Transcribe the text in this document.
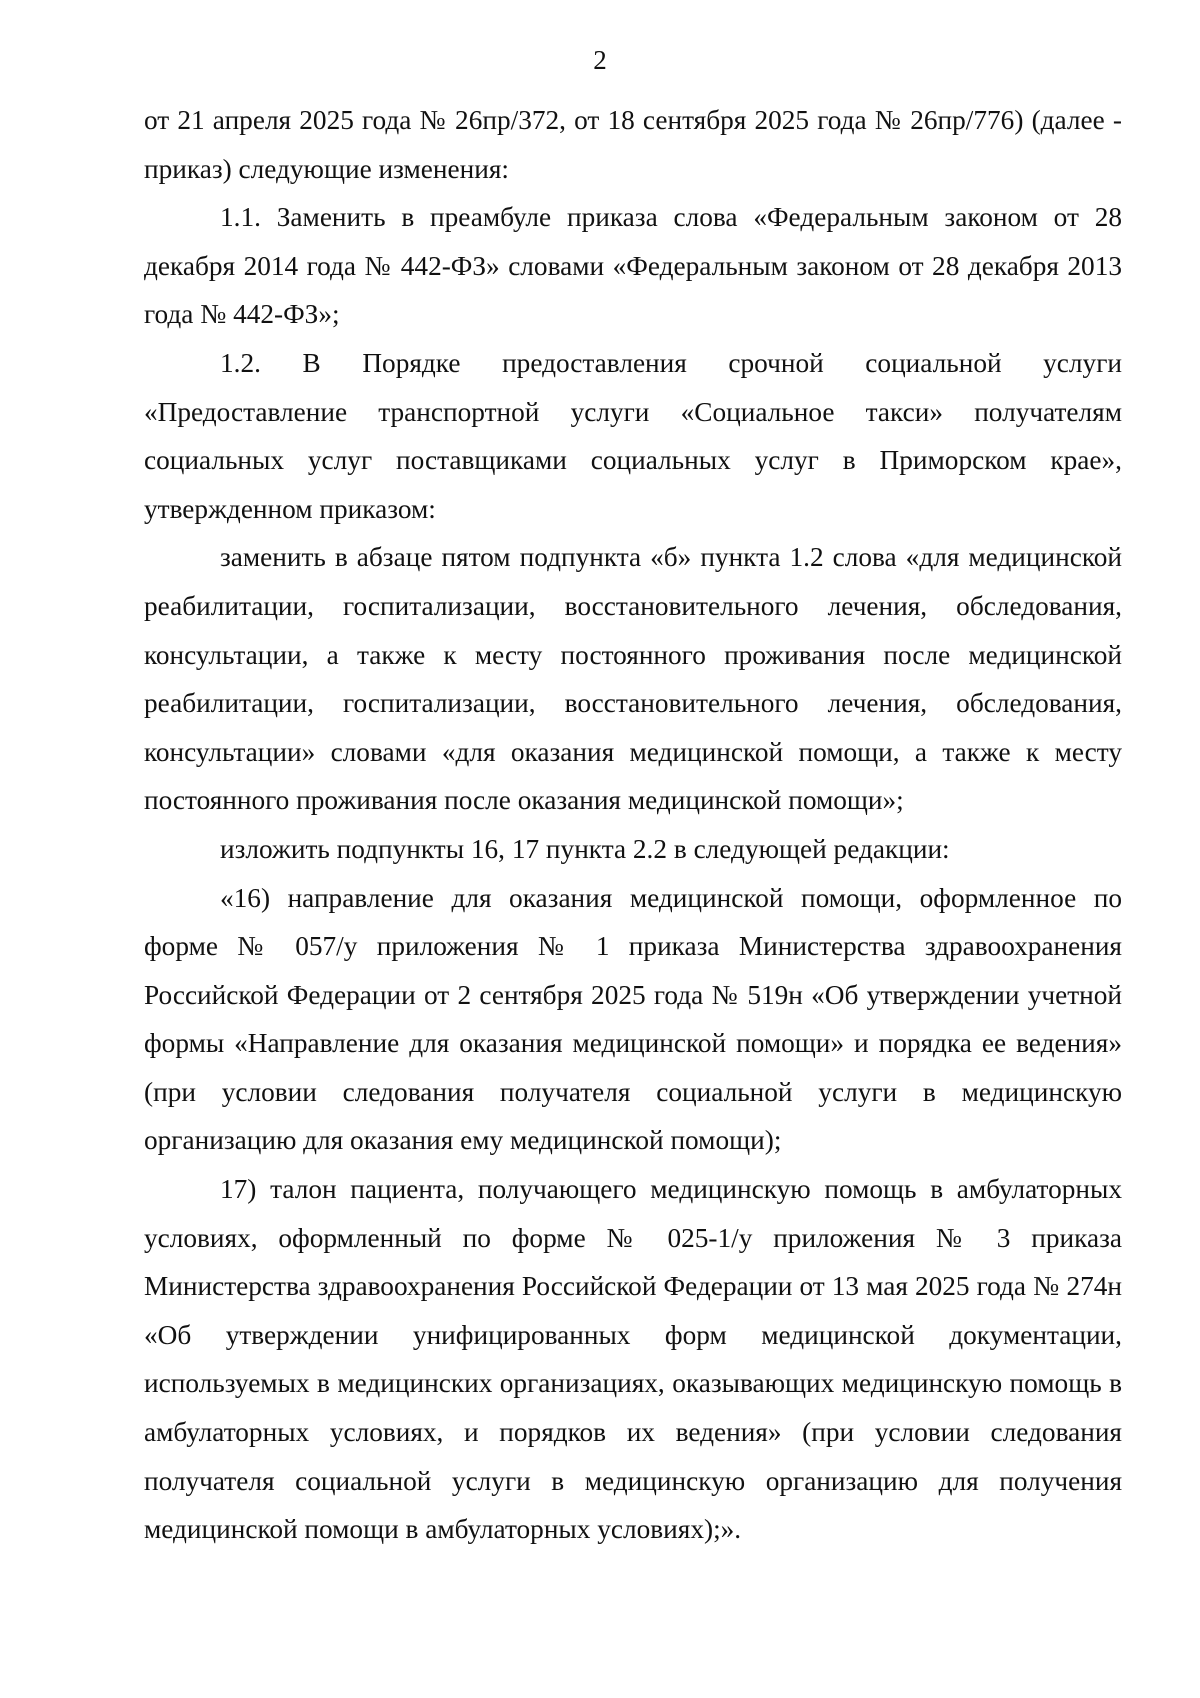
2

от 21 апреля 2025 года № 26пр/372, от 18 сентября 2025 года № 26пр/776) (далее - приказ) следующие изменения:

1.1. Заменить в преамбуле приказа слова «Федеральным законом от 28 декабря 2014 года № 442-ФЗ» словами «Федеральным законом от 28 декабря 2013 года № 442-ФЗ»;

1.2. В Порядке предоставления срочной социальной услуги «Предоставление транспортной услуги «Социальное такси» получателям социальных услуг поставщиками социальных услуг в Приморском крае», утвержденном приказом:

заменить в абзаце пятом подпункта «б» пункта 1.2 слова «для медицинской реабилитации, госпитализации, восстановительного лечения, обследования, консультации, а также к месту постоянного проживания после медицинской реабилитации, госпитализации, восстановительного лечения, обследования, консультации» словами «для оказания медицинской помощи, а также к месту постоянного проживания после оказания медицинской помощи»;

изложить подпункты 16, 17 пункта 2.2 в следующей редакции:

«16) направление для оказания медицинской помощи, оформленное по форме № 057/у приложения № 1 приказа Министерства здравоохранения Российской Федерации от 2 сентября 2025 года № 519н «Об утверждении учетной формы «Направление для оказания медицинской помощи» и порядка ее ведения» (при условии следования получателя социальной услуги в медицинскую организацию для оказания ему медицинской помощи);

17) талон пациента, получающего медицинскую помощь в амбулаторных условиях, оформленный по форме № 025-1/у приложения № 3 приказа Министерства здравоохранения Российской Федерации от 13 мая 2025 года № 274н «Об утверждении унифицированных форм медицинской документации, используемых в медицинских организациях, оказывающих медицинскую помощь в амбулаторных условиях, и порядков их ведения» (при условии следования получателя социальной услуги в медицинскую организацию для получения медицинской помощи в амбулаторных условиях);».
